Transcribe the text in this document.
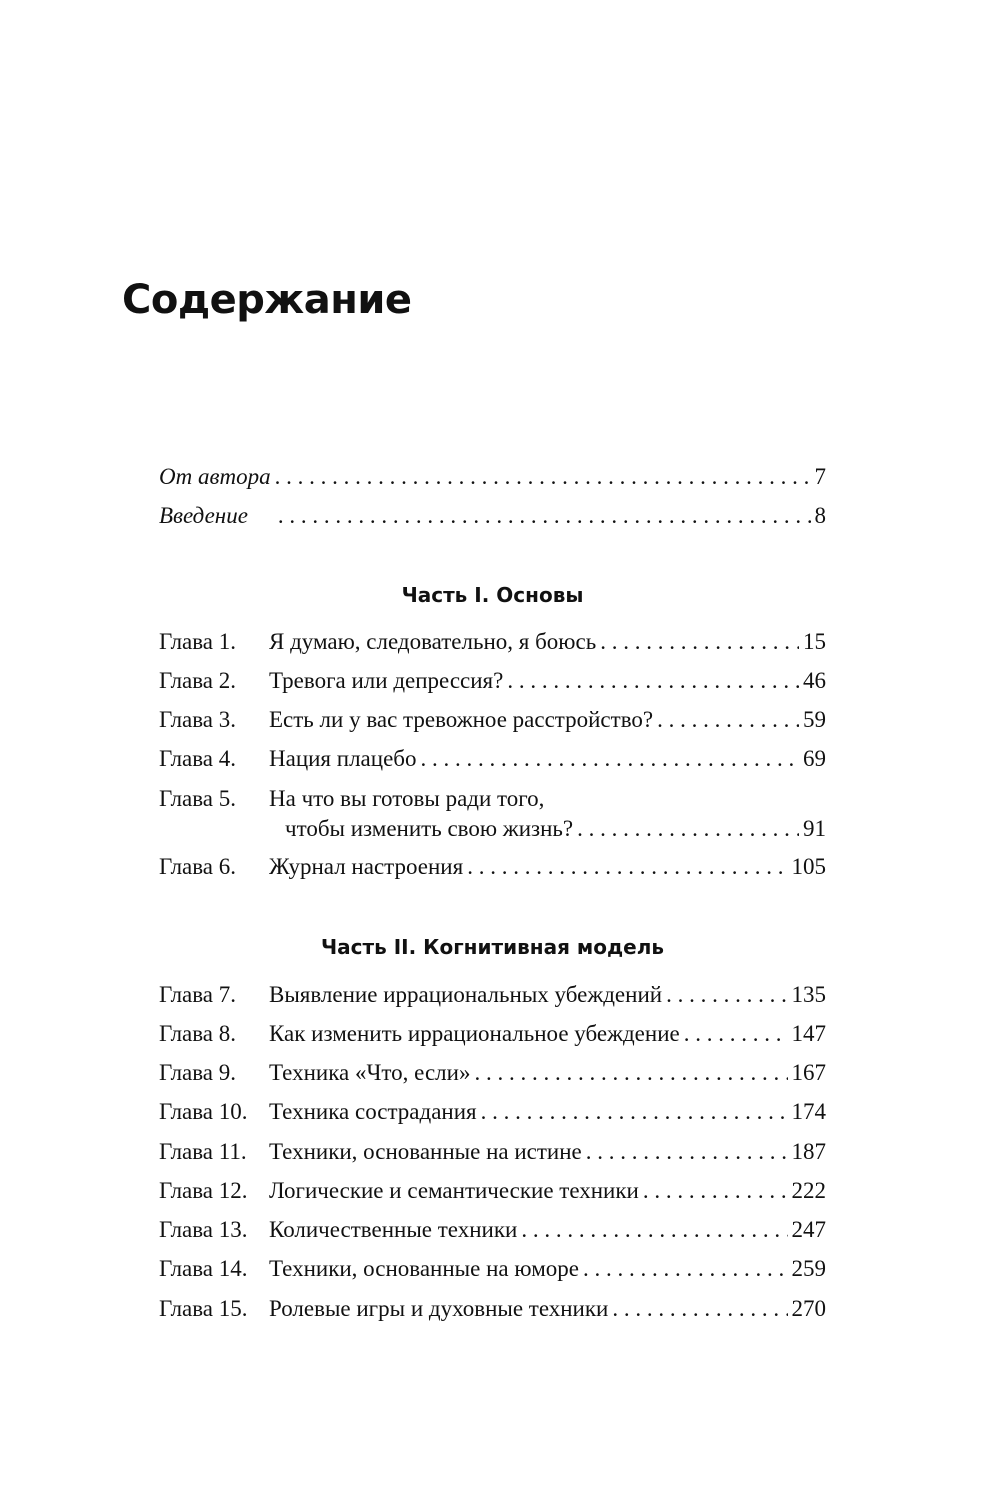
Содержание
От автора . . .	7
Введение . . .	8
Часть I. Основы
Глава 1.	Я думаю, следовательно, я боюсь . . .	15
Глава 2.	Тревога или депрессия? . . .	46
Глава 3.	Есть ли у вас тревожное расстройство? . . .	59
Глава 4.	Нация плацебо . . .	69
Глава 5.	На что вы готовы ради того,
чтобы изменить свою жизнь? . . .	91
Глава 6.	Журнал настроения . . .	105
Часть II. Когнитивная модель
Глава 7.	Выявление иррациональных убеждений . . .	135
Глава 8.	Как изменить иррациональное убеждение . . .	147
Глава 9.	Техника «Что, если» . . .	167
Глава 10. Техника сострадания . . .	174
Глава 11. Техники, основанные на истине . . .	187
Глава 12. Логические и семантические техники . . .	222
Глава 13. Количественные техники . . .	247
Глава 14. Техники, основанные на юморе . . .	259
Глава 15. Ролевые игры и духовные техники . . .	270
